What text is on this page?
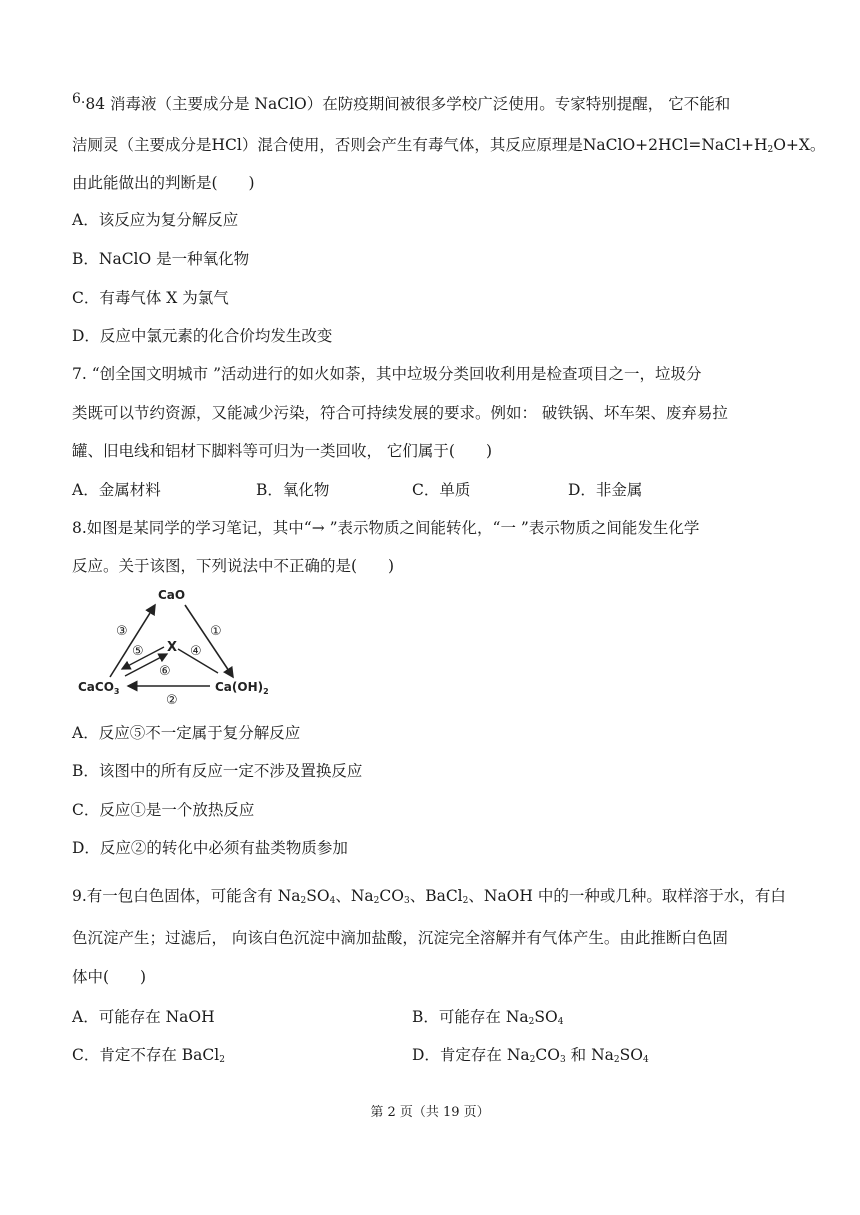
6.84 消毒液（主要成分是 NaClO）在防疫期间被很多学校广泛使用。专家特别提醒， 它不能和
洁厕灵（主要成分是HCl）混合使用，否则会产生有毒气体，其反应原理是$NaClO+2HCl=NaCl+H_2O+X$。
由此能做出的判断是(　　)
A．该反应为复分解反应
B．NaClO 是一种氧化物
C．有毒气体 X 为氯气
D．反应中氯元素的化合价均发生改变
7. “创全国文明城市 ”活动进行的如火如荼，其中垃圾分类回收利用是检查项目之一，垃圾分
类既可以节约资源，又能减少污染，符合可持续发展的要求。例如： 破铁锅、坏车架、废弃易拉
罐、旧电线和铝材下脚料等可归为一类回收， 它们属于(　　)
A．金属材料	B．氧化物	C．单质	D．非金属
8.如图是某同学的学习笔记，其中“→ ”表示物质之间能转化，“一 ”表示物质之间能发生化学
反应。关于该图，下列说法中不正确的是(　　)
CaO
CaCO$_3$	$Ca(OH)_2$
X
③	①
⑤	④
⑥
②
A．反应⑤不一定属于复分解反应
B．该图中的所有反应一定不涉及置换反应
C．反应①是一个放热反应
D．反应②的转化中必须有盐类物质参加
9.有一包白色固体，可能含有 $Na_2SO_4$、$Na_2CO_3$、BaCl$_2$、NaOH 中的一种或几种。取样溶于水，有白
色沉淀产生；过滤后， 向该白色沉淀中滴加盐酸，沉淀完全溶解并有气体产生。由此推断白色固
体中(　　)
A．可能存在 NaOH	B．可能存在 $Na_2SO_4$
C．肯定不存在 BaCl$_2$	D．肯定存在 $Na_2CO_3$ 和 $Na_2SO_4$
第 2 页（共 19 页）
